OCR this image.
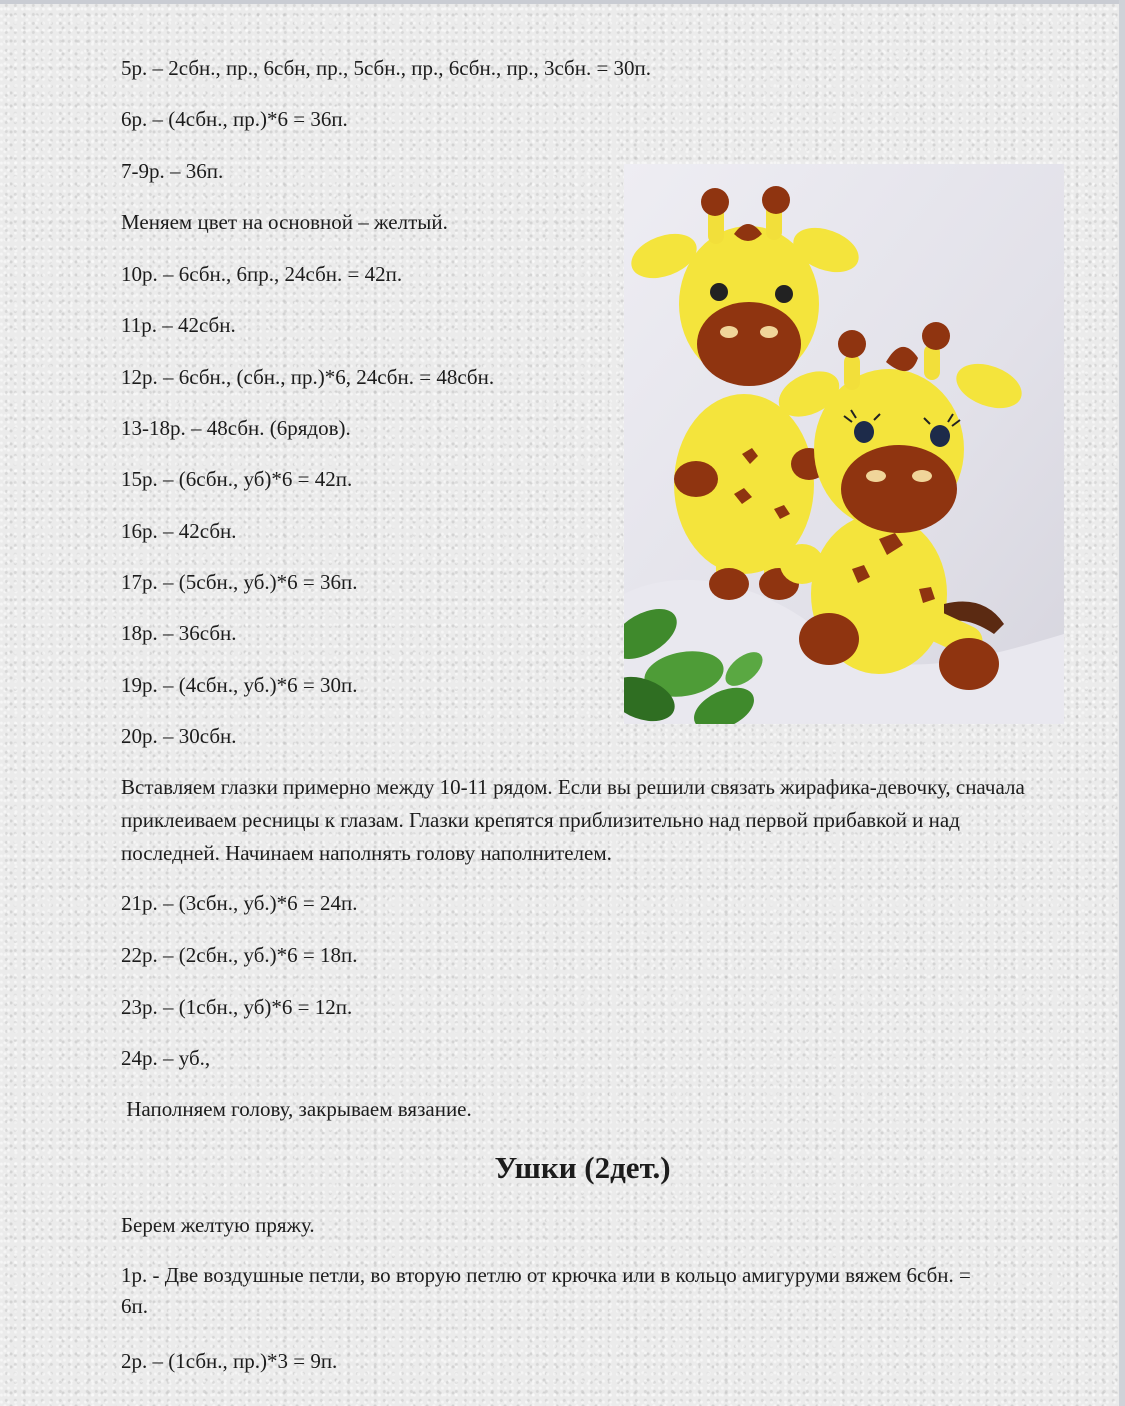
5р. – 2сбн., пр., 6сбн, пр., 5сбн., пр., 6сбн., пр., 3сбн. = 30п.
6р. – (4сбн., пр.)*6 = 36п.
7-9р. – 36п.
Меняем цвет на основной – желтый.
10р. – 6сбн., 6пр., 24сбн. = 42п.
11р. – 42сбн.
12р. – 6сбн., (сбн., пр.)*6, 24сбн. = 48сбн.
13-18р. – 48сбн. (6рядов).
15р. – (6сбн., уб)*6 = 42п.
16р. – 42сбн.
17р. – (5сбн., уб.)*6 = 36п.
18р. – 36сбн.
19р. – (4сбн., уб.)*6 = 30п.
20р. – 30сбн.
Вставляем глазки примерно между 10-11 рядом. Если вы решили связать жирафика-девочку, сначала приклеиваем ресницы к глазам. Глазки крепятся приблизительно над первой прибавкой и над последней. Начинаем наполнять голову наполнителем.
21р. – (3сбн., уб.)*6 = 24п.
22р. – (2сбн., уб.)*6 = 18п.
23р. – (1сбн., уб)*6 = 12п.
24р. – уб.,
Наполняем голову, закрываем вязание.
Ушки (2дет.)
Берем желтую пряжу.
1р. - Две воздушные петли, во вторую петлю от крючка или в кольцо амигуруми вяжем 6сбн. = 6п.
2р. – (1сбн., пр.)*3 = 9п.
